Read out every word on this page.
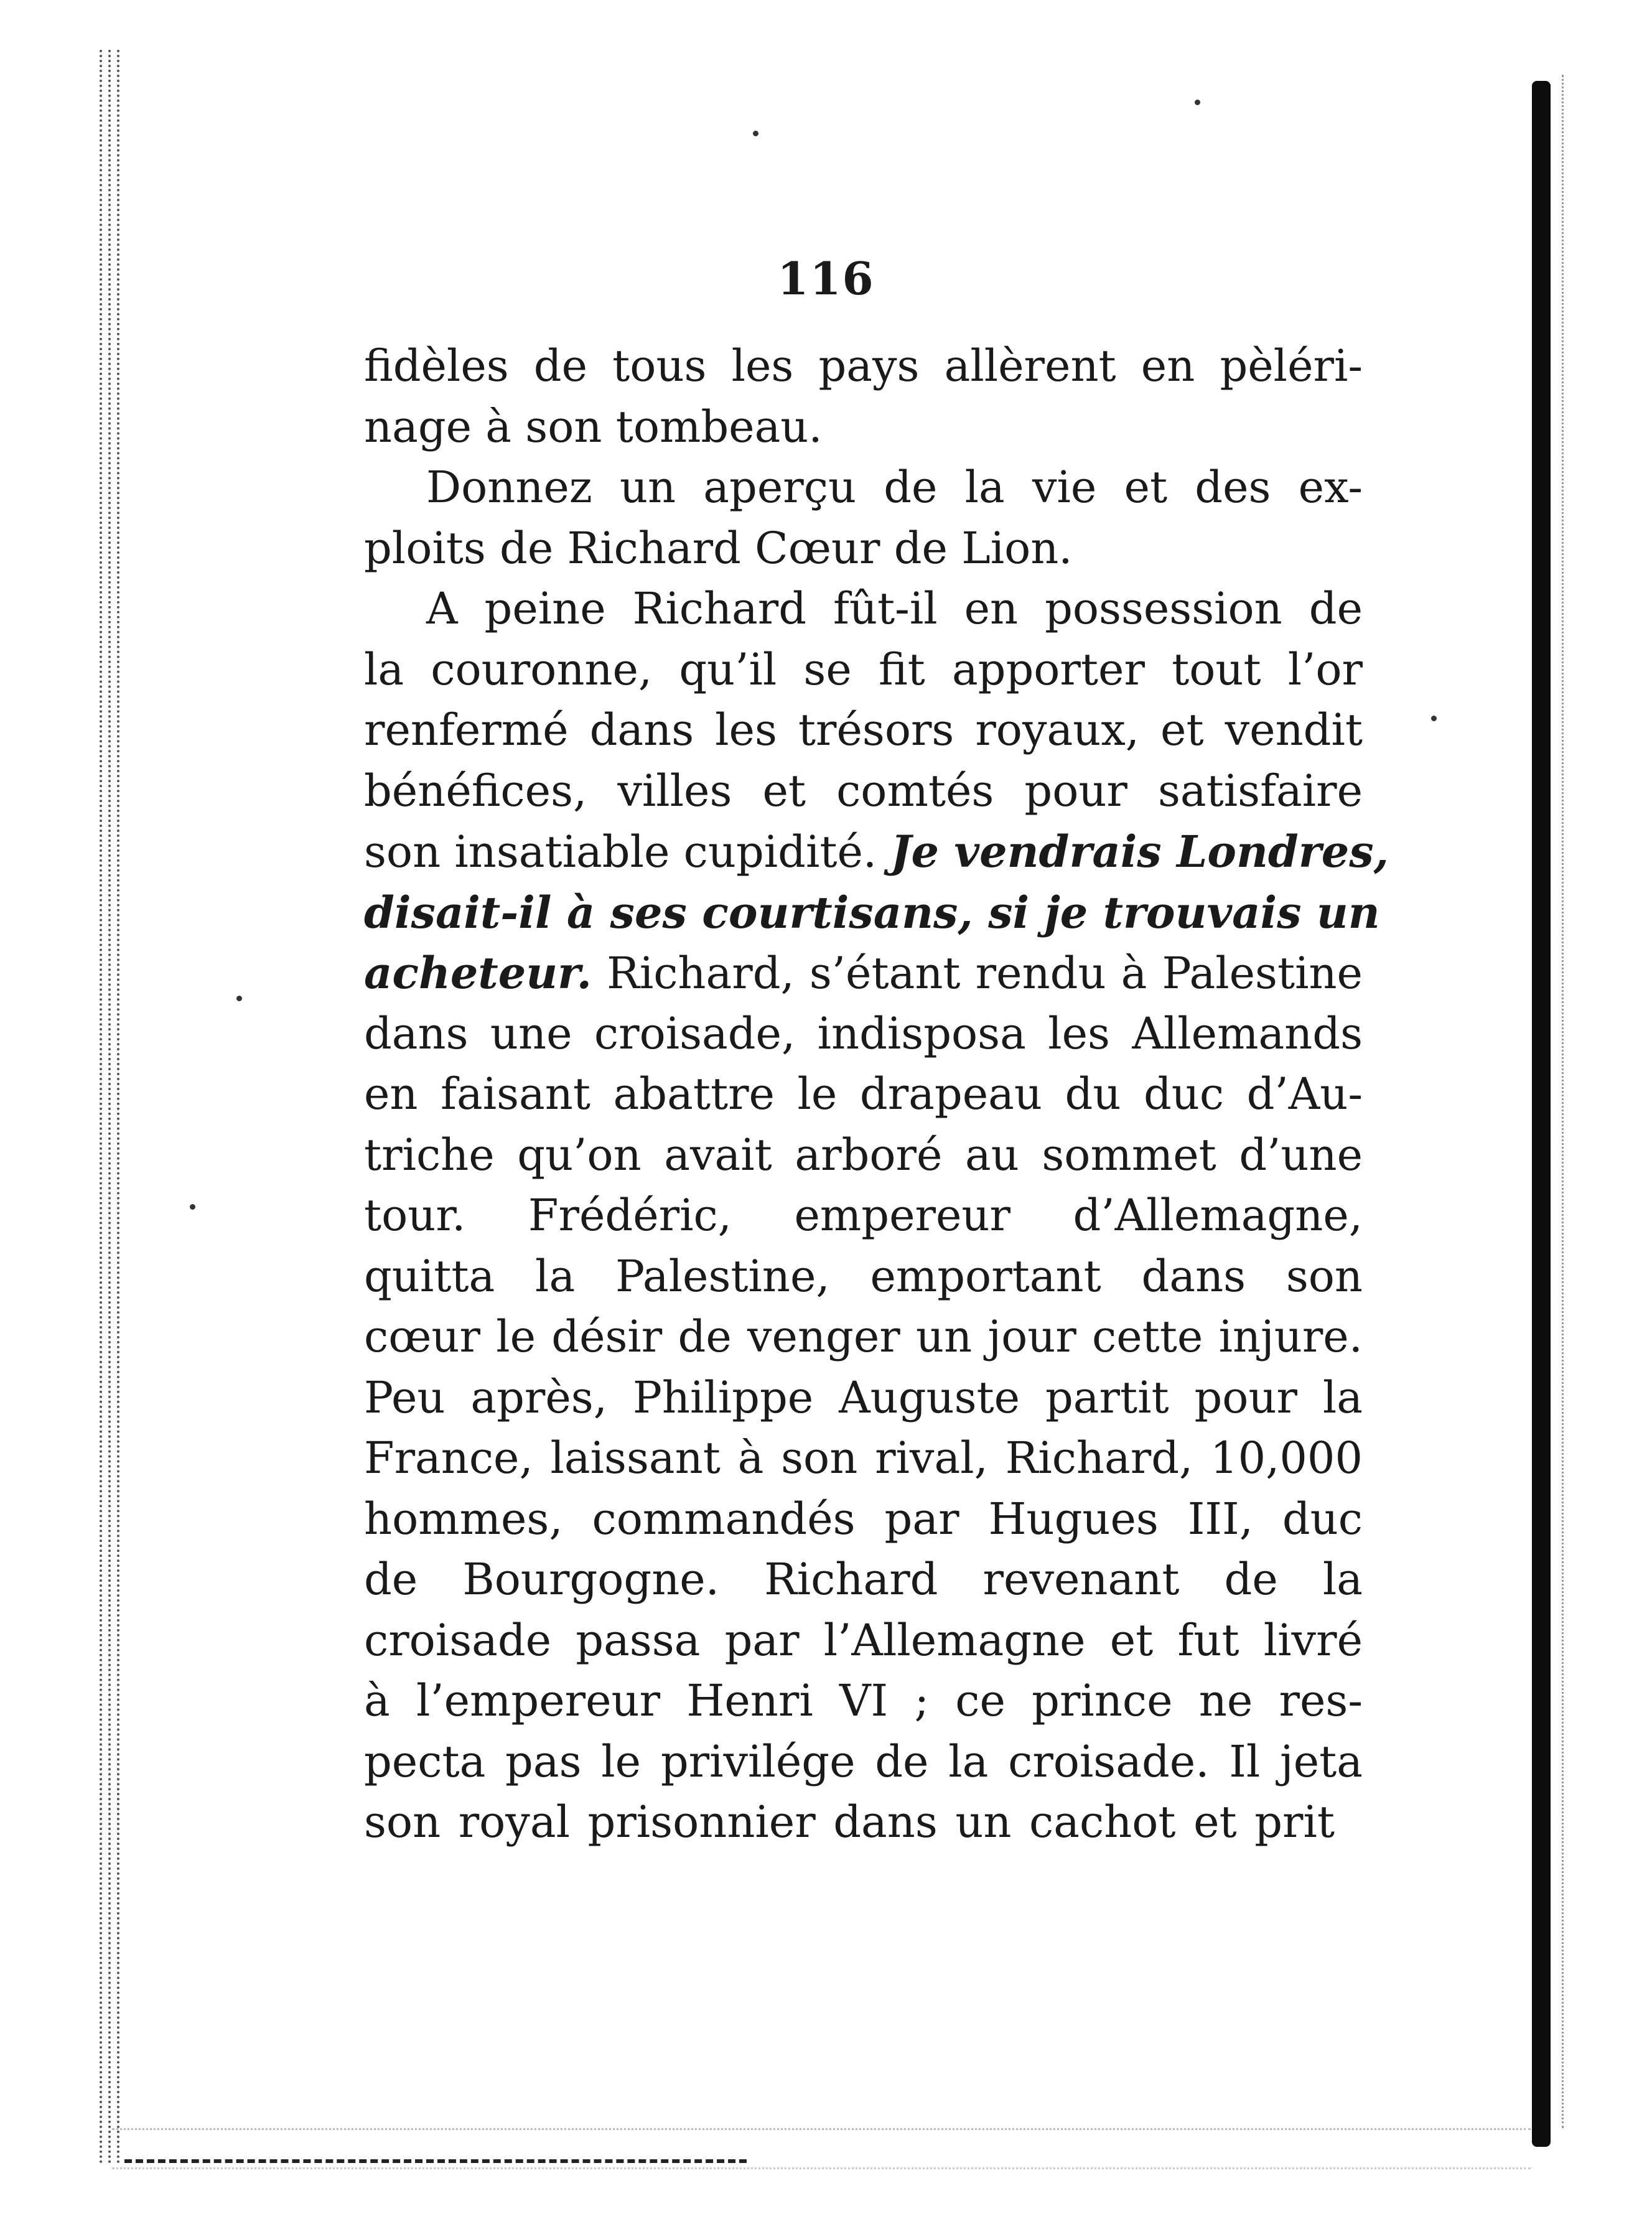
116
fidèles de tous les pays allèrent en pèléri-
nage à son tombeau.
Donnez un aperçu de la vie et des ex-
ploits de Richard Cœur de Lion.
A peine Richard fût-il en possession de
la couronne, qu’il se fit apporter tout l’or
renfermé dans les trésors royaux, et vendit
bénéfices, villes et comtés pour satisfaire
son insatiable cupidité. Je vendrais Londres,
disait-il à ses courtisans, si je trouvais un
acheteur. Richard, s’étant rendu à Palestine
dans une croisade, indisposa les Allemands
en faisant abattre le drapeau du duc d’Au-
triche qu’on avait arboré au sommet d’une
tour. Frédéric, empereur d’Allemagne,
quitta la Palestine, emportant dans son
cœur le désir de venger un jour cette injure.
Peu après, Philippe Auguste partit pour la
France, laissant à son rival, Richard, 10,000
hommes, commandés par Hugues III, duc
de Bourgogne. Richard revenant de la
croisade passa par l’Allemagne et fut livré
à l’empereur Henri VI ; ce prince ne res-
pecta pas le privilége de la croisade. Il jeta
son royal prisonnier dans un cachot et prit
